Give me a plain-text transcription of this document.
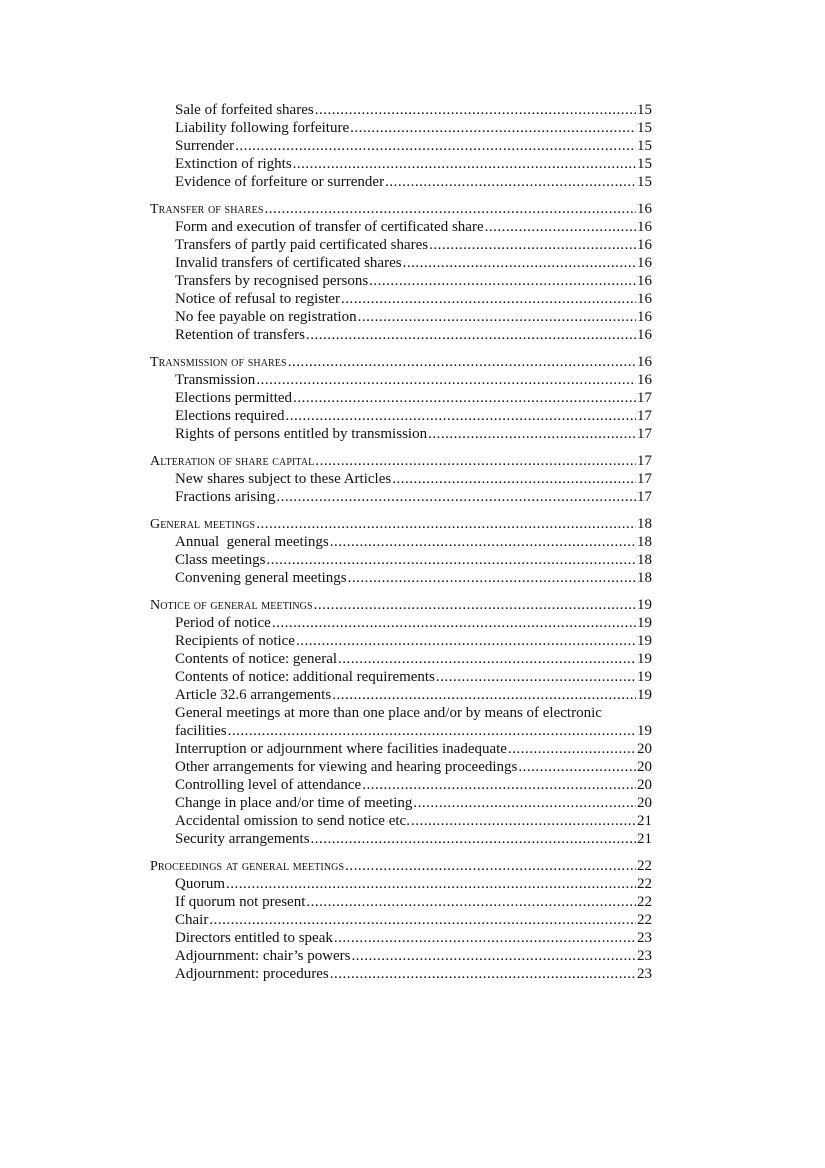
Sale of forfeited shares .....	15
Liability following forfeiture .....	15
Surrender .....	15
Extinction of rights .....	15
Evidence of forfeiture or surrender .....	15
Transfer of shares .....	16
Form and execution of transfer of certificated share .....	16
Transfers of partly paid certificated shares .....	16
Invalid transfers of certificated shares .....	16
Transfers by recognised persons .....	16
Notice of refusal to register .....	16
No fee payable on registration .....	16
Retention of transfers .....	16
Transmission of shares .....	16
Transmission .....	16
Elections permitted .....	17
Elections required .....	17
Rights of persons entitled by transmission .....	17
Alteration of share capital .....	17
New shares subject to these Articles .....	17
Fractions arising .....	17
General meetings .....	18
Annual  general meetings .....	18
Class meetings .....	18
Convening general meetings .....	18
Notice of general meetings .....	19
Period of notice .....	19
Recipients of notice .....	19
Contents of notice: general .....	19
Contents of notice: additional requirements .....	19
Article 32.6 arrangements .....	19
General meetings at more than one place and/or by means of electronic
facilities .....	19
Interruption or adjournment where facilities inadequate .....	20
Other arrangements for viewing and hearing proceedings .....	20
Controlling level of attendance .....	20
Change in place and/or time of meeting .....	20
Accidental omission to send notice etc. .....	21
Security arrangements .....	21
Proceedings at general meetings .....	22
Quorum .....	22
If quorum not present .....	22
Chair .....	22
Directors entitled to speak .....	23
Adjournment: chair’s powers .....	23
Adjournment: procedures .....	23
